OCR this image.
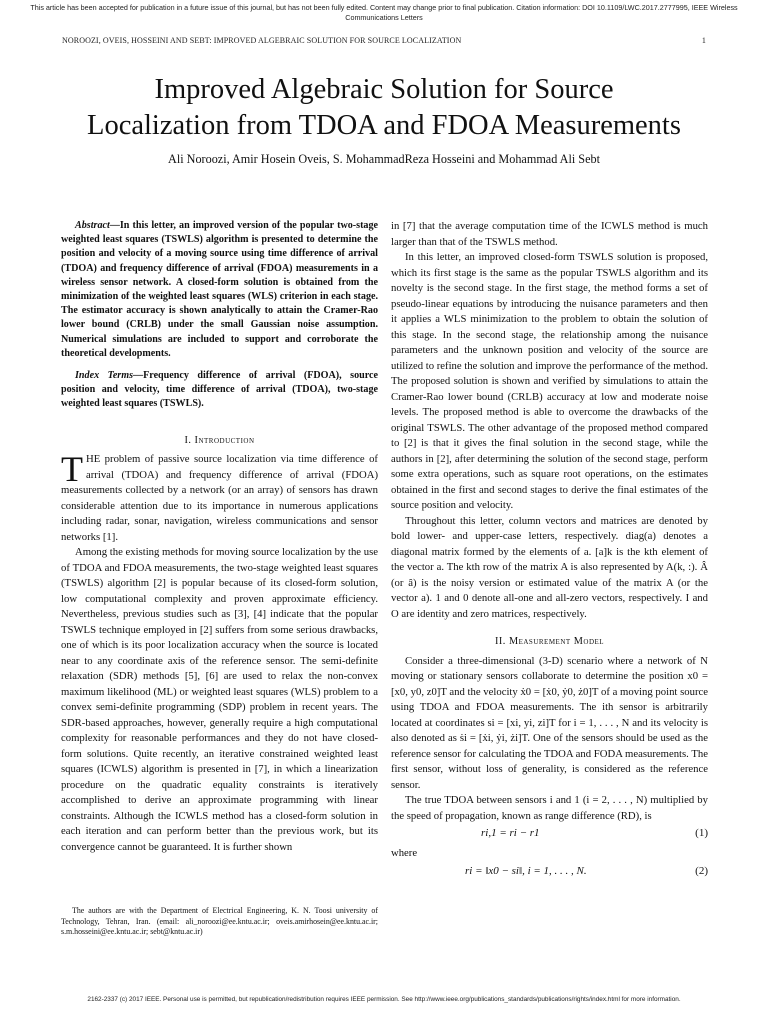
This article has been accepted for publication in a future issue of this journal, but has not been fully edited. Content may change prior to final publication. Citation information: DOI 10.1109/LWC.2017.2777995, IEEE Wireless Communications Letters
NOROOZI, OVEIS, HOSSEINI AND SEBT: IMPROVED ALGEBRAIC SOLUTION FOR SOURCE LOCALIZATION	1
Improved Algebraic Solution for Source
Localization from TDOA and FDOA Measurements
Ali Noroozi, Amir Hosein Oveis, S. MohammadReza Hosseini and Mohammad Ali Sebt

Abstract—In this letter, an improved version of the popular two-stage weighted least squares (TSWLS) algorithm is presented to determine the position and velocity of a moving source using time difference of arrival (TDOA) and frequency difference of arrival (FDOA) measurements in a wireless sensor network. A closed-form solution is obtained from the minimization of the weighted least squares (WLS) criterion in each stage. The estimator accuracy is shown analytically to attain the Cramer-Rao lower bound (CRLB) under the small Gaussian noise assumption. Numerical simulations are included to support and corroborate the theoretical developments.

Index Terms—Frequency difference of arrival (FDOA), source position and velocity, time difference of arrival (TDOA), two-stage weighted least squares (TSWLS).

I. Introduction

THE problem of passive source localization via time difference of arrival (TDOA) and frequency difference of arrival (FDOA) measurements collected by a network (or an array) of sensors has drawn considerable attention due to its importance in numerous applications including radar, sonar, navigation, wireless communications and sensor networks [1].

Among the existing methods for moving source localization by the use of TDOA and FDOA measurements, the two-stage weighted least squares (TSWLS) algorithm [2] is popular because of its closed-form solution, low computational complexity and proven approximate efficiency. Nevertheless, previous studies such as [3], [4] indicate that the popular TSWLS technique employed in [2] suffers from some serious drawbacks, one of which is its poor localization accuracy when the source is located near to any coordinate axis of the reference sensor. The semi-definite relaxation (SDR) methods [5], [6] are used to relax the non-convex maximum likelihood (ML) or weighted least squares (WLS) problem to a convex semi-definite programming (SDP) problem in recent years. The SDR-based approaches, however, generally require a high computational complexity for reasonable performances and they do not have closed-form solutions. Quite recently, an iterative constrained weighted least squares (ICWLS) algorithm is presented in [7], in which a linearization procedure on the quadratic equality constraints is iteratively accomplished to derive an approximate programming with linear constraints. Although the ICWLS method has a closed-form solution in each iteration and can perform better than the previous work, but its convergence cannot be guaranteed. It is further shown

The authors are with the Department of Electrical Engineering, K. N. Toosi university of Technology, Tehran, Iran. (email: ali_noroozi@ee.kntu.ac.ir; oveis.amirhosein@ee.kntu.ac.ir; s.m.hosseini@ee.kntu.ac.ir; sebt@kntu.ac.ir)

in [7] that the average computation time of the ICWLS method is much larger than that of the TSWLS method.

In this letter, an improved closed-form TSWLS solution is proposed, which its first stage is the same as the popular TSWLS algorithm and its novelty is the second stage. In the first stage, the method forms a set of pseudo-linear equations by introducing the nuisance parameters and then it applies a WLS minimization to the problem to obtain the solution of this stage. In the second stage, the relationship among the nuisance parameters and the unknown position and velocity of the source are utilized to refine the solution and improve the performance of the method. The proposed solution is shown and verified by simulations to attain the Cramer-Rao lower bound (CRLB) accuracy at low and moderate noise levels. The proposed method is able to overcome the drawbacks of the original TSWLS. The other advantage of the proposed method compared to [2] is that it gives the final solution in the second stage, while the authors in [2], after determining the solution of the second stage, perform some extra operations, such as square root operations, on the estimates obtained in the first and second stages to derive the final estimates of the source position and velocity.

Throughout this letter, column vectors and matrices are denoted by bold lower- and upper-case letters, respectively. diag(a) denotes a diagonal matrix formed by the elements of a. [a]k is the kth element of the vector a. The kth row of the matrix A is also represented by A(k, :). Â (or â) is the noisy version or estimated value of the matrix A (or the vector a). 1 and 0 denote all-one and all-zero vectors, respectively. I and O are identity and zero matrices, respectively.

II. Measurement Model

Consider a three-dimensional (3-D) scenario where a network of N moving or stationary sensors collaborate to determine the position x0 = [x0, y0, z0]T and the velocity ẋ0 = [ẋ0, ẏ0, ż0]T of a moving point source using TDOA and FDOA measurements. The ith sensor is arbitrarily located at coordinates si = [xi, yi, zi]T for i = 1, . . . , N and its velocity is also denoted as ṡi = [ẋi, ẏi, żi]T. One of the sensors should be used as the reference sensor for calculating the TDOA and FODA measurements. The first sensor, without loss of generality, is considered as the reference sensor.

The true TDOA between sensors i and 1 (i = 2, . . . , N) multiplied by the speed of propagation, known as range difference (RD), is

ri,1 = ri − r1	(1)
where
ri = ‖x0 − si‖, i = 1, . . . , N.	(2)
2162-2337 (c) 2017 IEEE. Personal use is permitted, but republication/redistribution requires IEEE permission. See http://www.ieee.org/publications_standards/publications/rights/index.html for more information.
